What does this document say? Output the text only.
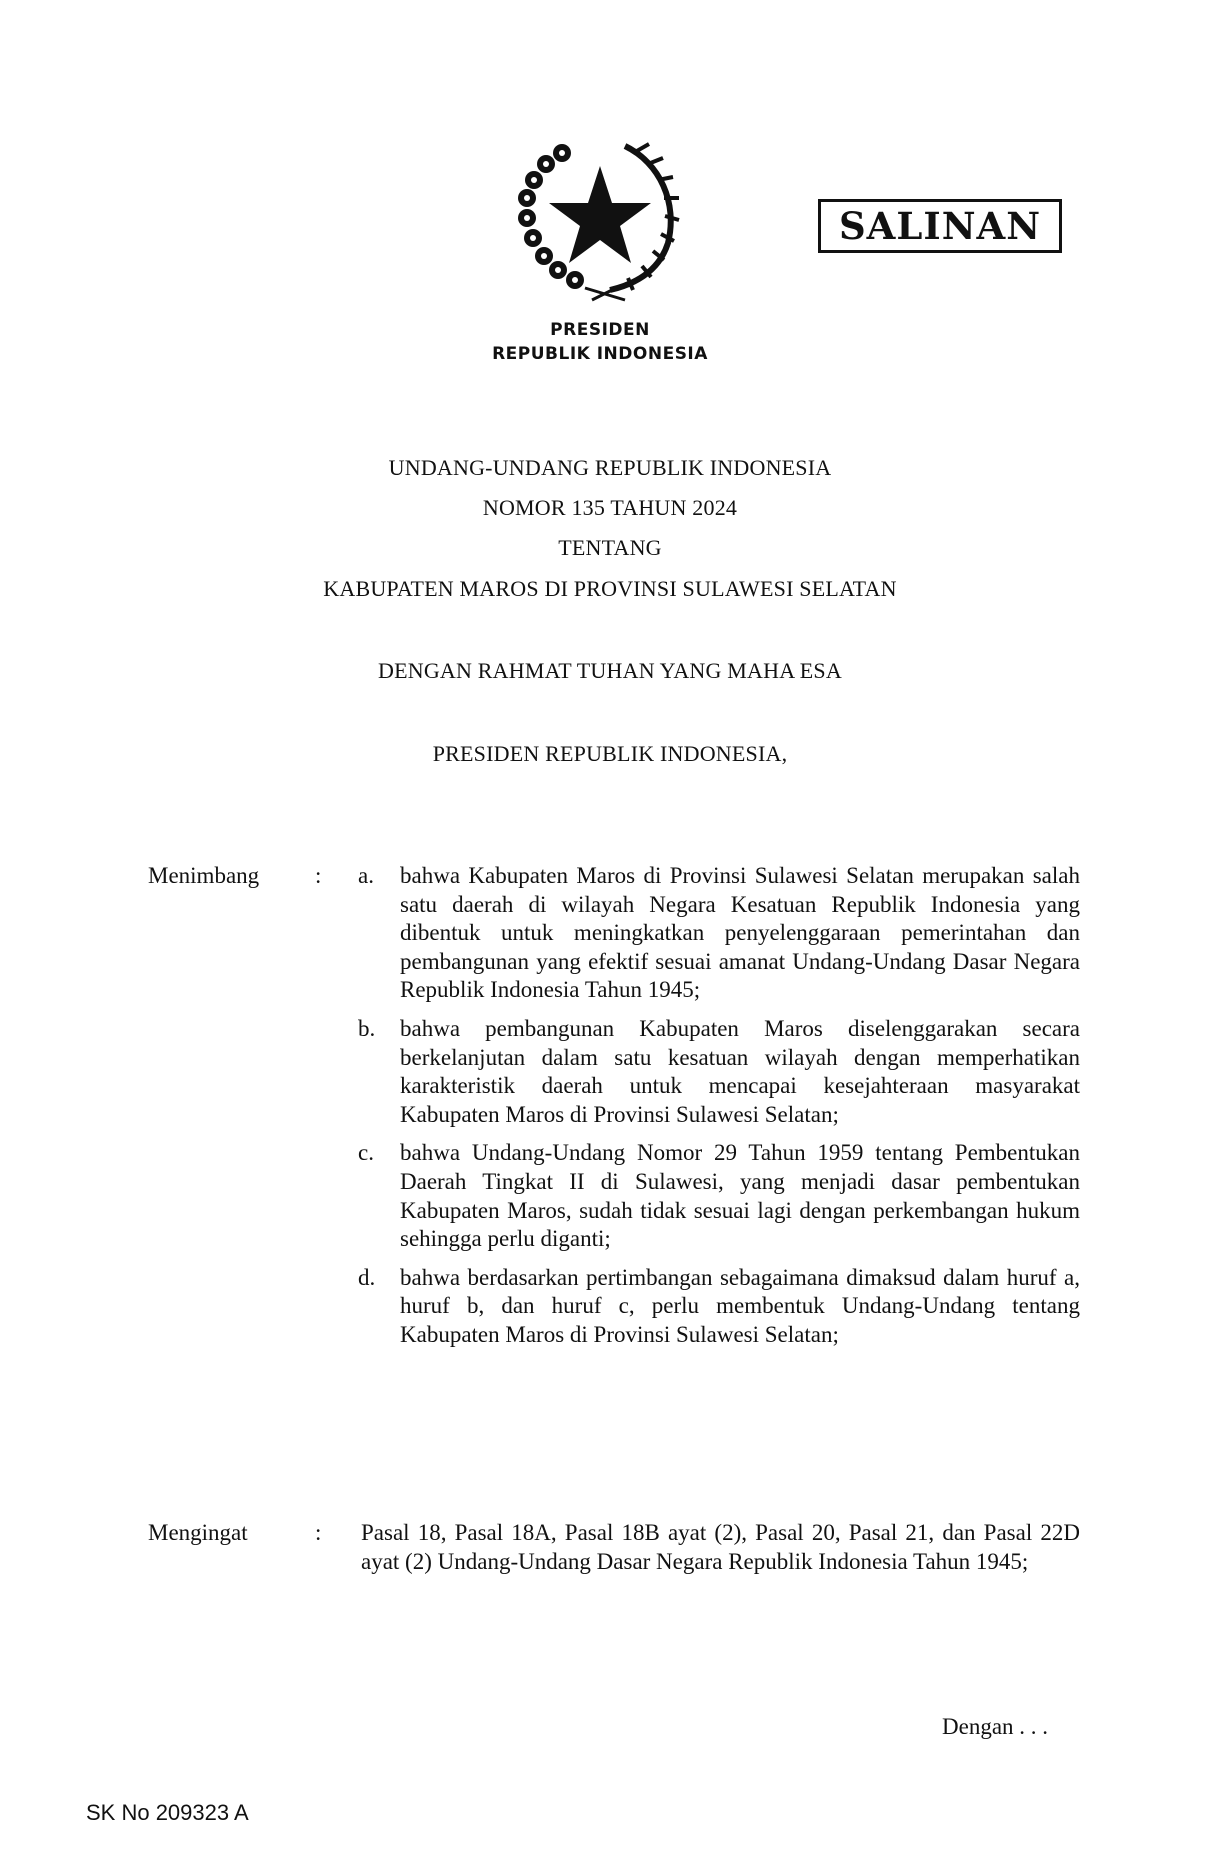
PRESIDEN
REPUBLIK INDONESIA
SALINAN
UNDANG-UNDANG REPUBLIK INDONESIA
NOMOR 135 TAHUN 2024
TENTANG
KABUPATEN MAROS DI PROVINSI SULAWESI SELATAN
DENGAN RAHMAT TUHAN YANG MAHA ESA
PRESIDEN REPUBLIK INDONESIA,
Menimbang : a. bahwa Kabupaten Maros di Provinsi Sulawesi Selatan merupakan salah satu daerah di wilayah Negara Kesatuan Republik Indonesia yang dibentuk untuk meningkatkan penyelenggaraan pemerintahan dan pembangunan yang efektif sesuai amanat Undang-Undang Dasar Negara Republik Indonesia Tahun 1945;
b. bahwa pembangunan Kabupaten Maros diselenggarakan secara berkelanjutan dalam satu kesatuan wilayah dengan memperhatikan karakteristik daerah untuk mencapai kesejahteraan masyarakat Kabupaten Maros di Provinsi Sulawesi Selatan;
c. bahwa Undang-Undang Nomor 29 Tahun 1959 tentang Pembentukan Daerah Tingkat II di Sulawesi, yang menjadi dasar pembentukan Kabupaten Maros, sudah tidak sesuai lagi dengan perkembangan hukum sehingga perlu diganti;
d. bahwa berdasarkan pertimbangan sebagaimana dimaksud dalam huruf a, huruf b, dan huruf c, perlu membentuk Undang-Undang tentang Kabupaten Maros di Provinsi Sulawesi Selatan;
Mengingat	: Pasal 18, Pasal 18A, Pasal 18B ayat (2), Pasal 20, Pasal 21, dan Pasal 22D ayat (2) Undang-Undang Dasar Negara Republik Indonesia Tahun 1945;
Dengan . . .
SK No 209323 A
